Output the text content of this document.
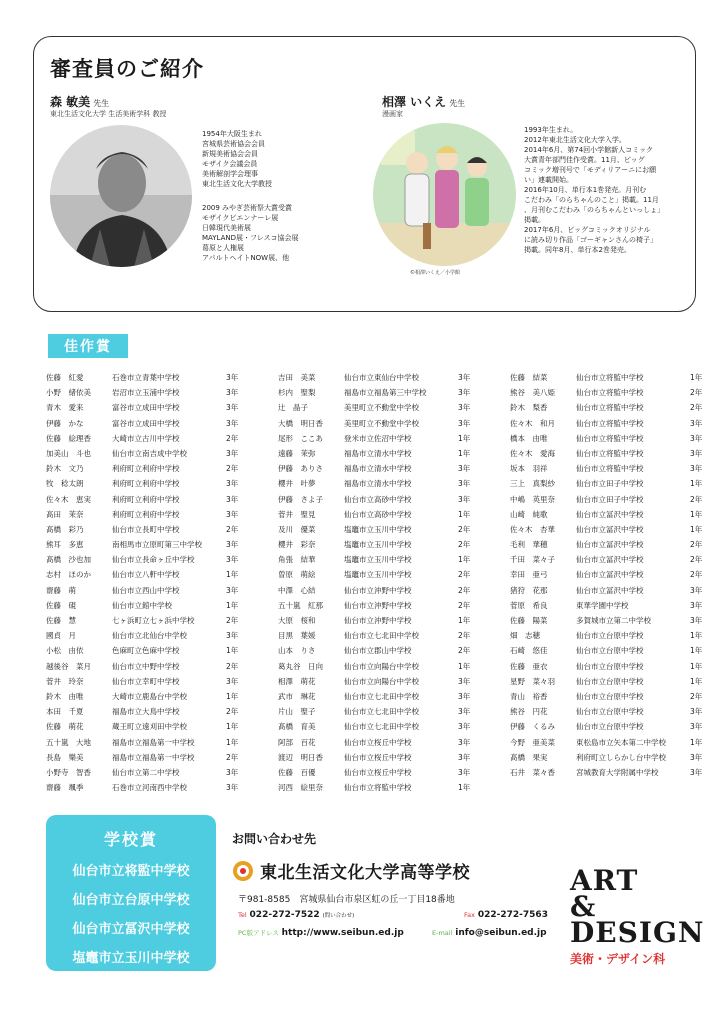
審査員のご紹介
森 敏美 先生
東北生活文化大学 生活美術学科 教授
1954年大阪生まれ
宮城県芸術協会会員
新規美術協会会員
モザイク会議会員
美術解剖学会理事
東北生活文化大学教授
2009 みやぎ芸術祭大賞受賞
モザイクビエンナーレ展
日韓現代美術展
MAYLAND展・フレスコ協会展
葛原と人権展
アパルトヘイトNOW展、他
相澤 いくえ 先生
漫画家
©相澤いくえ／小学館
1993年生まれ。
2012年東北生活文化大学入学。
2014年6月、第74回小学館新人コミック
大賞青年部門佳作受賞。11月、ビッグ
コミック増刊号で「モディリアーニにお願
い」連載開始。
2016年10月、単行本1巻発売。月刊む
こだわみ「のらちゃんのこと」掲載。11月
、月刊むこだわみ「のらちゃんといっしょ」
掲載。
2017年6月、ビッグコミックオリジナル
に読み切り作品「ゴーギャンさんの椅子」
掲載。同年8月、単行本2巻発売。
佳作賞
佐藤　紅愛	石巻市立青葉中学校	3年
小野　緒依美	岩沼市立玉浦中学校	3年
青木　愛来	富谷市立成田中学校	3年
伊藤　かな	富谷市立成田中学校	3年
佐藤　絵理香	大崎市立古川中学校	2年
加美山　斗也	仙台市立南吉成中学校	3年
鈴木　文乃	利府町立利府中学校	2年
牧　稔太朗	利府町立利府中学校	3年
佐々木　恵実	利府町立利府中学校	3年
髙田　茉奈	利府町立利府中学校	3年
髙橋　彩乃	仙台市立長町中学校	2年
熊耳　多恵	南相馬市立原町第三中学校	3年
髙橋　沙也加	仙台市立長命ヶ丘中学校	3年
志村　ほのか	仙台市立八軒中学校	1年
齋藤　萌	仙台市立西山中学校	3年
佐藤　硯	仙台市立館中学校	1年
佐藤　慧	七ヶ浜町立七ヶ浜中学校	2年
國貞　月	仙台市立北仙台中学校	3年
小松　由依	色麻町立色麻中学校	1年
越後谷　菜月	仙台市立中野中学校	2年
菅井　玲奈	仙台市立幸町中学校	3年
鈴木　由唯	大崎市立鹿島台中学校	1年
本田　千夏	福島市立大鳥中学校	2年
佐藤　萌花	蔵王町立遠刈田中学校	1年
五十嵐　大地	福島市立福島第一中学校	1年
長島　樂美	福島市立福島第一中学校	2年
小野寺　智香	仙台市立第二中学校	3年
齋藤　颯季	石巻市立河南西中学校	3年
吉田　美菜	仙台市立東仙台中学校	3年
杉内　聖梨	福島市立福島第三中学校	3年
辻　晶子	美里町立不動堂中学校	3年
大橋　明日香	美里町立不動堂中学校	3年
尾形　ここあ	登米市立佐沼中学校	1年
遠藤　茉弥	福島市立清水中学校	1年
伊藤　ありさ	福島市立清水中学校	3年
櫻井　叶夢	福島市立清水中学校	3年
伊藤　さよ子	仙台市立高砂中学校	3年
菅井　聖見	仙台市立高砂中学校	1年
及川　優菜	塩竈市立玉川中学校	2年
櫻井　彩奈	塩竈市立玉川中学校	2年
角張　結華	塩竈市立玉川中学校	1年
曽原　萌絵	塩竈市立玉川中学校	2年
中澤　心結	仙台市立沖野中学校	2年
五十嵐　紅那	仙台市立沖野中学校	2年
大原　桜和	仙台市立沖野中学校	1年
目黒　葉媛	仙台市立七北田中学校	2年
山本　りさ	仙台市立郡山中学校	2年
葛丸谷　日向	仙台市立向陽台中学校	1年
相澤　萌花	仙台市立向陽台中学校	3年
武市　琳花	仙台市立七北田中学校	3年
片山　聖子	仙台市立七北田中学校	3年
髙橋　育美	仙台市立七北田中学校	3年
阿部　百花	仙台市立桜丘中学校	3年
渡辺　明日香	仙台市立桜丘中学校	3年
佐藤　百優	仙台市立桜丘中学校	3年
河西　絵里奈	仙台市立将監中学校	1年
佐藤　結菜	仙台市立将監中学校	1年
熊谷　美八姫	仙台市立将監中学校	2年
鈴木　梨香	仙台市立将監中学校	2年
佐々木　和月	仙台市立将監中学校	3年
橋本　由唯	仙台市立将監中学校	3年
佐々木　愛海	仙台市立将監中学校	3年
坂本　羽祥	仙台市立将監中学校	3年
三上　真梨紗	仙台市立田子中学校	1年
中嶋　英里奈	仙台市立田子中学校	2年
山崎　純歌	仙台市立冨沢中学校	1年
佐々木　杏華	仙台市立冨沢中学校	1年
毛利　華穂	仙台市立冨沢中学校	2年
千田　菜々子	仙台市立冨沢中学校	2年
幸田　亜弓	仙台市立冨沢中学校	2年
猪狩　花那	仙台市立冨沢中学校	3年
菅原　希良	東華学園中学校	3年
佐藤　陽菜	多賀城市立第二中学校	3年
畑　志穂	仙台市立台原中学校	1年
石崎　悠佳	仙台市立台原中学校	1年
佐藤　亜衣	仙台市立台原中学校	1年
星野　菜々羽	仙台市立台原中学校	1年
青山　裕香	仙台市立台原中学校	2年
熊谷　円花	仙台市立台原中学校	3年
伊藤　くるみ	仙台市立台原中学校	3年
今野　亜美菜	東松島市立矢本第二中学校	1年
髙橋　果実	利府町立しらかし台中学校	3年
石井　菜々香	宮城教育大学附属中学校	3年
学校賞
仙台市立将監中学校
仙台市立台原中学校
仙台市立冨沢中学校
塩竈市立玉川中学校
お問い合わせ先
東北生活文化大学高等学校
〒981-8585　宮城県仙台市泉区虹の丘一丁目18番地
Tel 022-272-7522 (問い合わせ)	Fax 022-272-7563
PC版アドレス http://www.seibun.ed.jp	E-mail info@seibun.ed.jp
ART
&
DESIGN
美術・デザイン科
